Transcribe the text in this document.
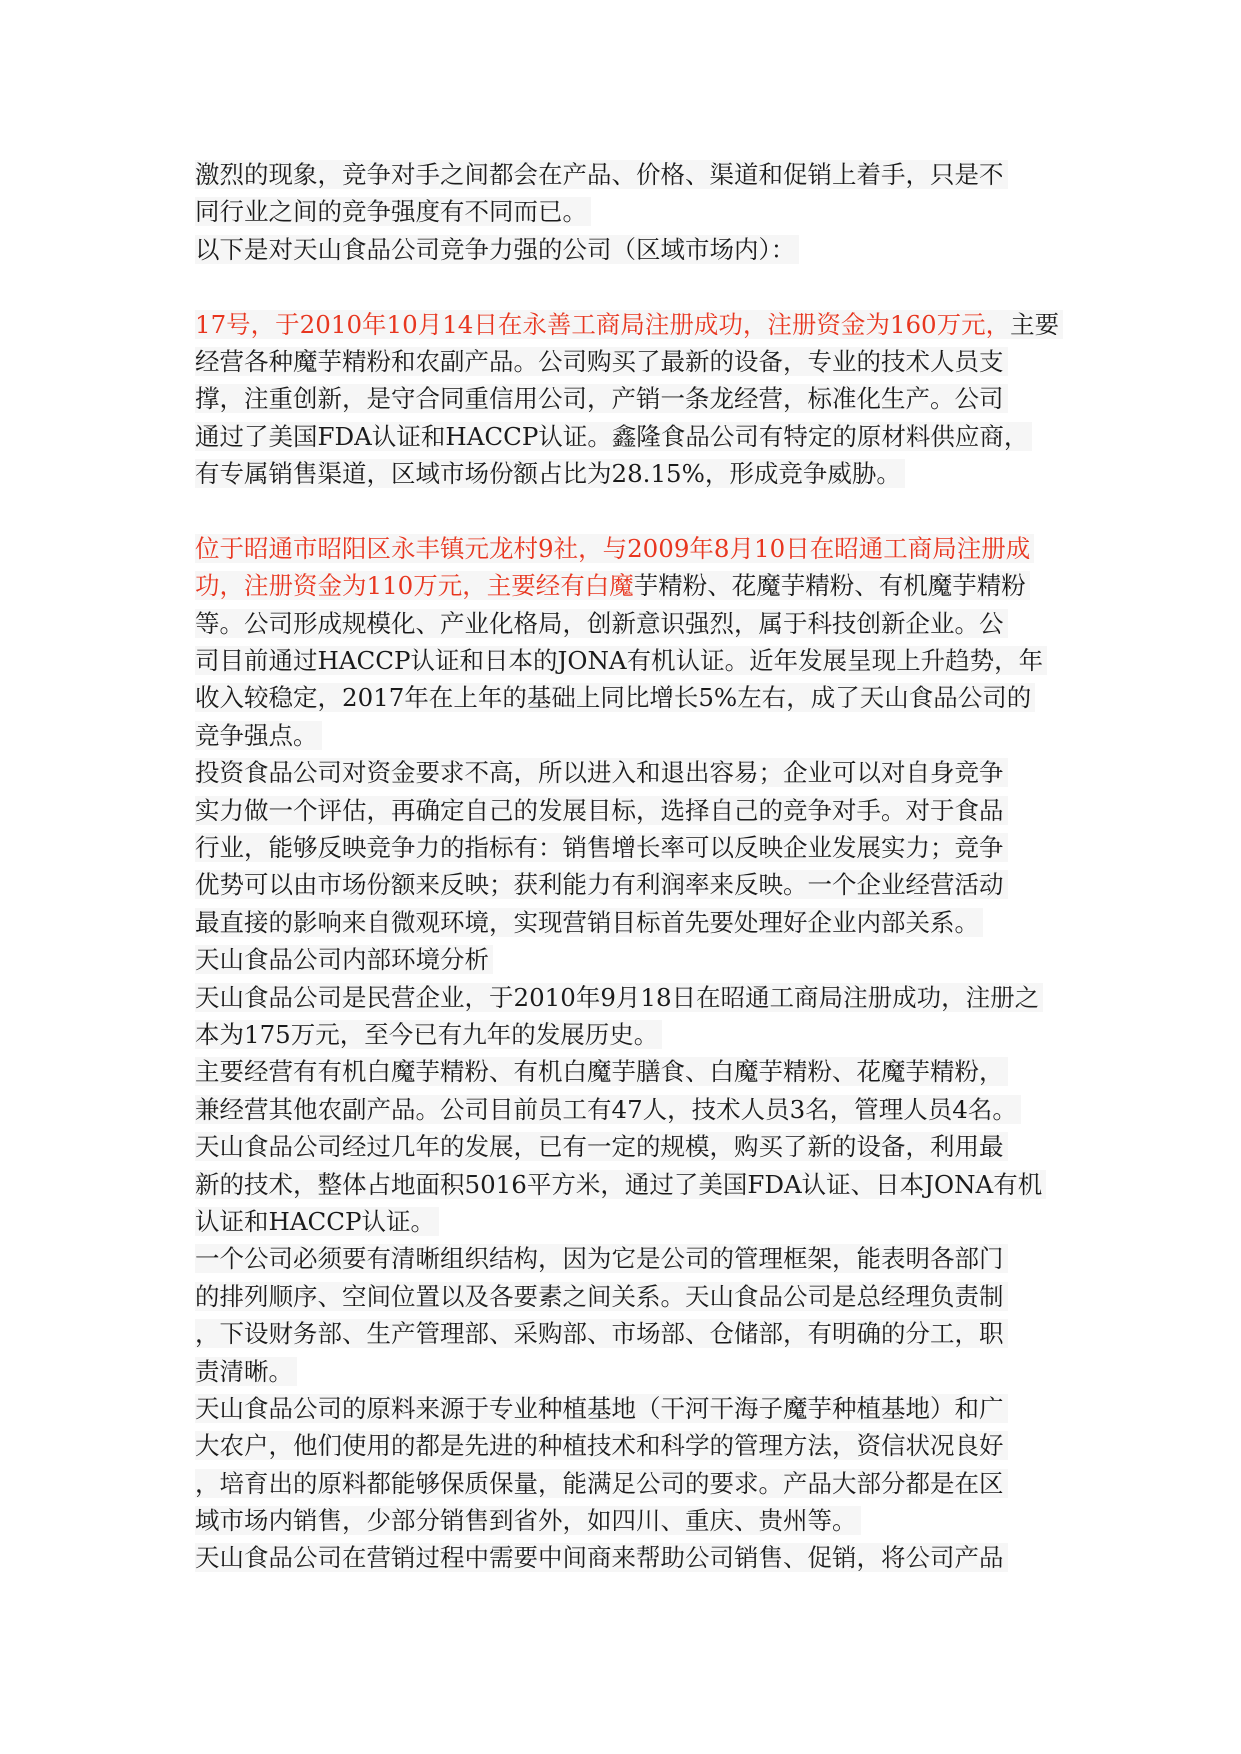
激烈的现象，竞争对手之间都会在产品、价格、渠道和促销上着手，只是不
同行业之间的竞争强度有不同而已。
以下是对天山食品公司竞争力强的公司（区域市场内）：
17号，于2010年10月14日在永善工商局注册成功，注册资金为160万元，主要
经营各种魔芋精粉和农副产品。公司购买了最新的设备，专业的技术人员支
撑，注重创新，是守合同重信用公司，产销一条龙经营，标准化生产。公司
通过了美国FDA认证和HACCP认证。鑫隆食品公司有特定的原材料供应商，
有专属销售渠道，区域市场份额占比为28.15%，形成竞争威胁。
位于昭通市昭阳区永丰镇元龙村9社，与2009年8月10日在昭通工商局注册成
功，注册资金为110万元，主要经有白魔芋精粉、花魔芋精粉、有机魔芋精粉
等。公司形成规模化、产业化格局，创新意识强烈，属于科技创新企业。公
司目前通过HACCP认证和日本的JONA有机认证。近年发展呈现上升趋势，年
收入较稳定，2017年在上年的基础上同比增长5%左右，成了天山食品公司的
竞争强点。
投资食品公司对资金要求不高，所以进入和退出容易；企业可以对自身竞争
实力做一个评估，再确定自己的发展目标，选择自己的竞争对手。对于食品
行业，能够反映竞争力的指标有：销售增长率可以反映企业发展实力；竞争
优势可以由市场份额来反映；获利能力有利润率来反映。一个企业经营活动
最直接的影响来自微观环境，实现营销目标首先要处理好企业内部关系。
天山食品公司内部环境分析
天山食品公司是民营企业，于2010年9月18日在昭通工商局注册成功，注册之
本为175万元，至今已有九年的发展历史。
主要经营有有机白魔芋精粉、有机白魔芋膳食、白魔芋精粉、花魔芋精粉，
兼经营其他农副产品。公司目前员工有47人，技术人员3名，管理人员4名。
天山食品公司经过几年的发展，已有一定的规模，购买了新的设备，利用最
新的技术，整体占地面积5016平方米，通过了美国FDA认证、日本JONA有机
认证和HACCP认证。
一个公司必须要有清晰组织结构，因为它是公司的管理框架，能表明各部门
的排列顺序、空间位置以及各要素之间关系。天山食品公司是总经理负责制
，下设财务部、生产管理部、采购部、市场部、仓储部，有明确的分工，职
责清晰。
天山食品公司的原料来源于专业种植基地（干河干海子魔芋种植基地）和广
大农户，他们使用的都是先进的种植技术和科学的管理方法，资信状况良好
，培育出的原料都能够保质保量，能满足公司的要求。产品大部分都是在区
域市场内销售，少部分销售到省外，如四川、重庆、贵州等。
天山食品公司在营销过程中需要中间商来帮助公司销售、促销，将公司产品
